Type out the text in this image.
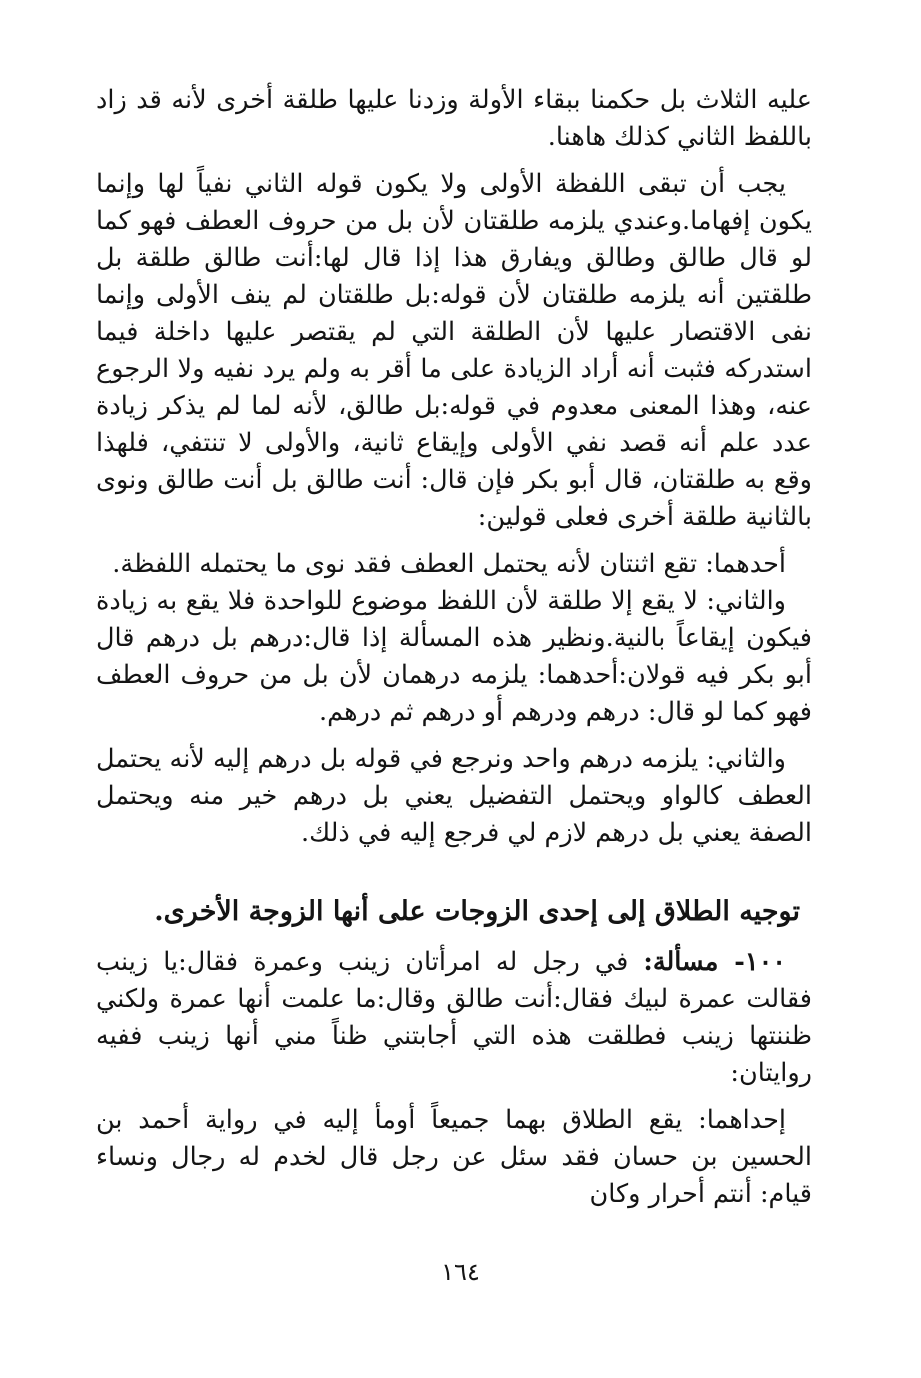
عليه الثلاث بل حكمنا ببقاء الأولة وزدنا عليها طلقة أخرى لأنه قد زاد باللفظ الثاني كذلك هاهنا.

يجب أن تبقى اللفظة الأولى ولا يكون قوله الثاني نفياً لها وإنما يكون إفهاما.وعندي يلزمه طلقتان لأن بل من حروف العطف فهو كما لو قال طالق وطالق ويفارق هذا إذا قال لها:أنت طالق طلقة بل طلقتين أنه يلزمه طلقتان لأن قوله:بل طلقتان لم ينف الأولى وإنما نفى الاقتصار عليها لأن الطلقة التي لم يقتصر عليها داخلة فيما استدركه فثبت أنه أراد الزيادة على ما أقر به ولم يرد نفيه ولا الرجوع عنه، وهذا المعنى معدوم في قوله:بل طالق، لأنه لما لم يذكر زيادة عدد علم أنه قصد نفي الأولى وإيقاع ثانية، والأولى لا تنتفي، فلهذا وقع به طلقتان، قال أبو بكر فإن قال: أنت طالق بل أنت طالق ونوى بالثانية طلقة أخرى فعلى قولين:

أحدهما: تقع اثنتان لأنه يحتمل العطف فقد نوى ما يحتمله اللفظة.

والثاني: لا يقع إلا طلقة لأن اللفظ موضوع للواحدة فلا يقع به زيادة فيكون إيقاعاً بالنية.ونظير هذه المسألة إذا قال:درهم بل درهم قال أبو بكر فيه قولان:أحدهما: يلزمه درهمان لأن بل من حروف العطف فهو كما لو قال: درهم ودرهم أو درهم ثم درهم.

والثاني: يلزمه درهم واحد ونرجع في قوله بل درهم إليه لأنه يحتمل العطف كالواو ويحتمل التفضيل يعني بل درهم خير منه ويحتمل الصفة يعني بل درهم لازم لي فرجع إليه في ذلك.

توجيه الطلاق إلى إحدى الزوجات على أنها الزوجة الأخرى.

١٠٠- مسألة: في رجل له امرأتان زينب وعمرة فقال:يا زينب فقالت عمرة لبيك فقال:أنت طالق وقال:ما علمت أنها عمرة ولكني ظننتها زينب فطلقت هذه التي أجابتني ظناً مني أنها زينب ففيه روايتان:

إحداهما: يقع الطلاق بهما جميعاً أومأ إليه في رواية أحمد بن الحسين بن حسان فقد سئل عن رجل قال لخدم له رجال ونساء قيام: أنتم أحرار وكان

١٦٤
